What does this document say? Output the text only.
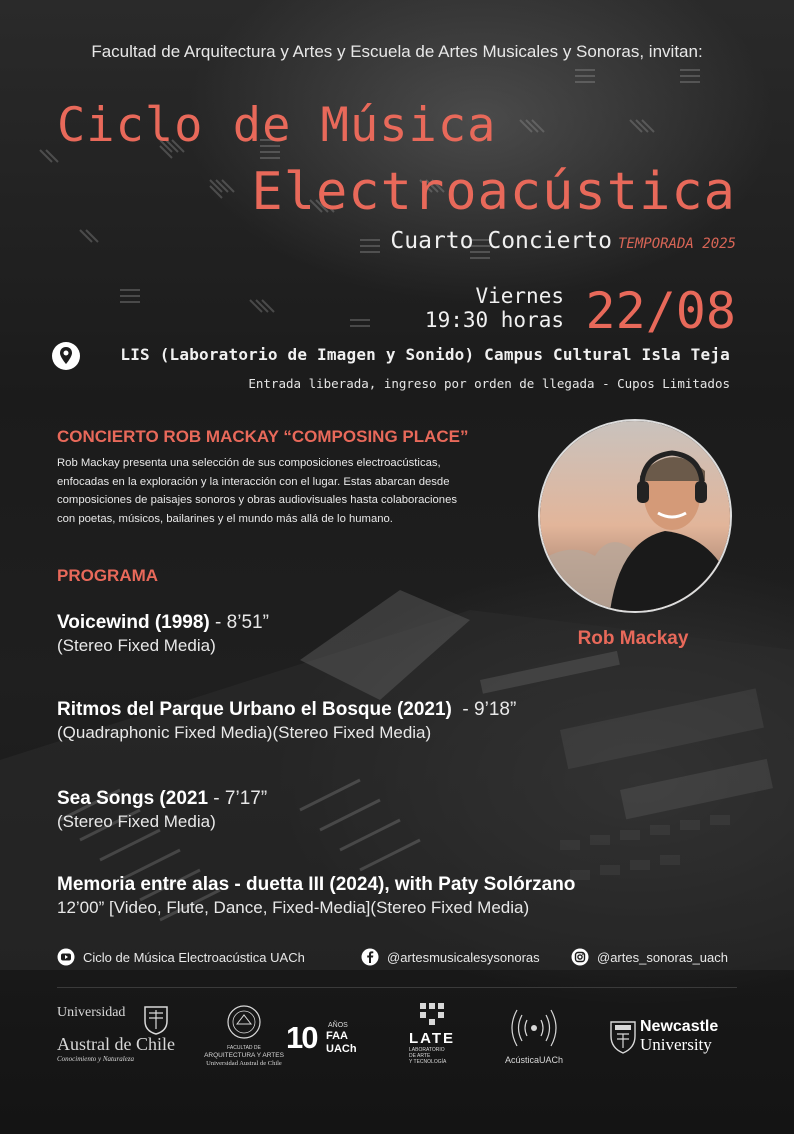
Facultad de Arquitectura y Artes y Escuela de Artes Musicales y Sonoras, invitan:
Ciclo de Música
Electroacústica
Cuarto Concierto TEMPORADA 2025
Viernes
19:30 horas 22/08
LIS (Laboratorio de Imagen y Sonido) Campus Cultural Isla Teja
Entrada liberada, ingreso por orden de llegada - Cupos Limitados
CONCIERTO ROB MACKAY “COMPOSING PLACE”
Rob Mackay presenta una selección de sus composiciones electroacústicas,
enfocadas en la exploración y la interacción con el lugar. Estas abarcan desde
composiciones de paisajes sonoros y obras audiovisuales hasta colaboraciones
con poetas, músicos, bailarines y el mundo más allá de lo humano.
Rob Mackay
PROGRAMA
Voicewind (1998) - 8’51”
(Stereo Fixed Media)
Ritmos del Parque Urbano el Bosque (2021)  - 9’18”
(Quadraphonic Fixed Media)(Stereo Fixed Media)
Sea Songs (2021 - 7’17”
(Stereo Fixed Media)
Memoria entre alas - duetta III (2024), with Paty Solórzano
12’00” [Video, Flute, Dance, Fixed-Media](Stereo Fixed Media)
Ciclo de Música Electroacústica UACh	@artesmusicalesysonoras	@artes_sonoras_uach
Universidad
Austral de Chile
Conocimiento y Naturaleza
FACULTAD DE
ARQUITECTURA Y ARTES
Universidad Austral de Chile
10 AÑOS
FAA
UACh
LATE
LABORATORIO
DE ARTE
Y TECNOLOGÍA	AcústicaUACh
Newcastle
University
